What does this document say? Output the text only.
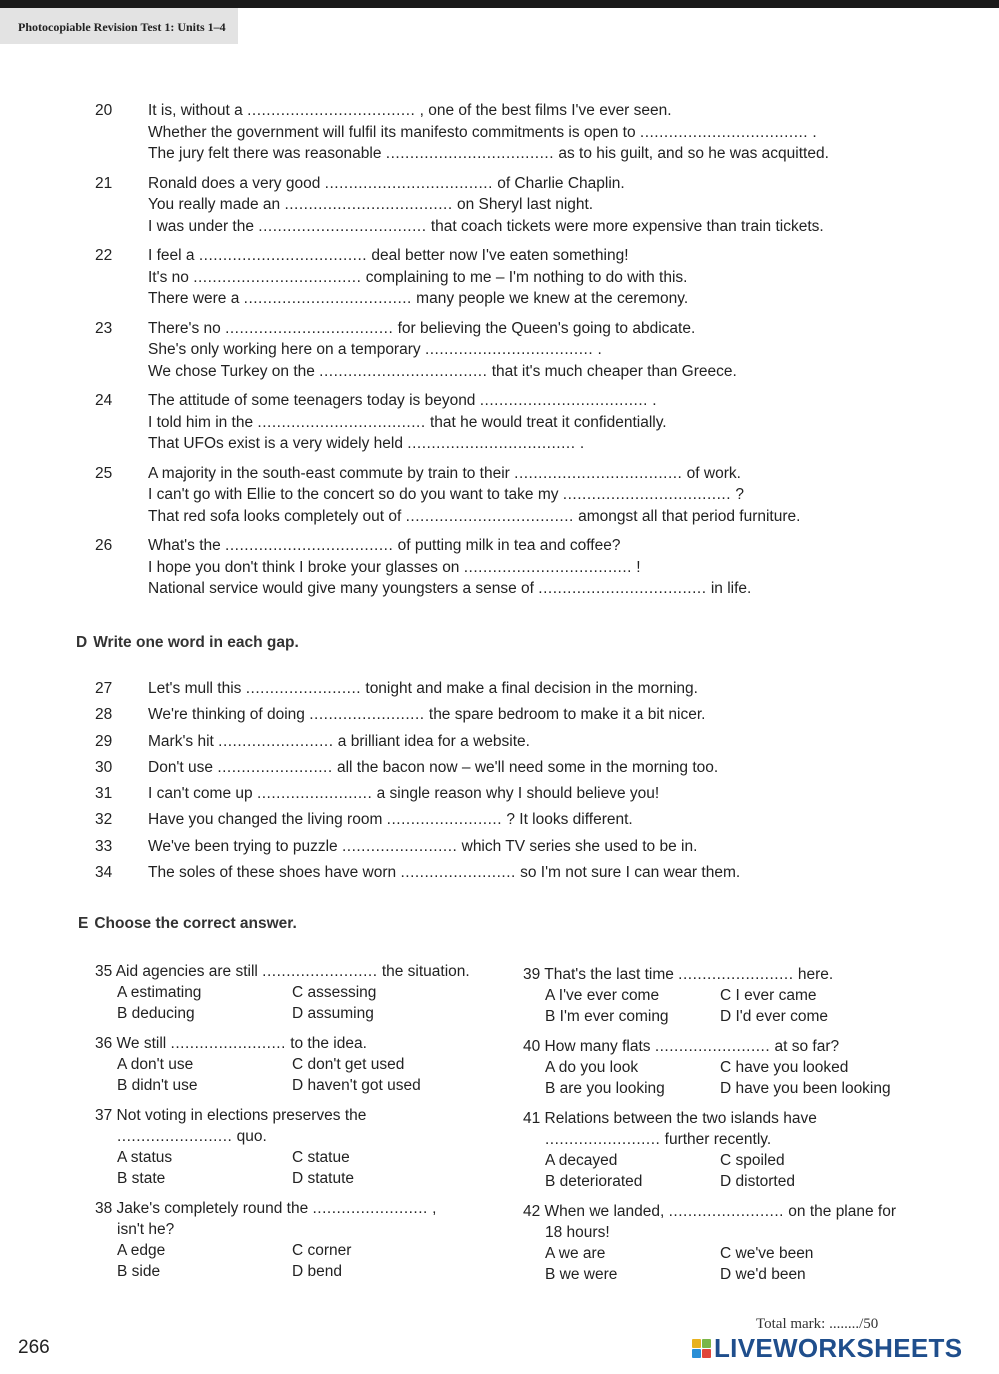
Photocopiable Revision Test 1: Units 1–4
20 It is, without a ................................... , one of the best films I've ever seen.
Whether the government will fulfil its manifesto commitments is open to ................................... .
The jury felt there was reasonable ................................... as to his guilt, and so he was acquitted.
21 Ronald does a very good ................................... of Charlie Chaplin.
You really made an ................................... on Sheryl last night.
I was under the ................................... that coach tickets were more expensive than train tickets.
22 I feel a ................................... deal better now I've eaten something!
It's no ................................... complaining to me – I'm nothing to do with this.
There were a ................................... many people we knew at the ceremony.
23 There's no ................................... for believing the Queen's going to abdicate.
She's only working here on a temporary ................................... .
We chose Turkey on the ................................... that it's much cheaper than Greece.
24 The attitude of some teenagers today is beyond ................................... .
I told him in the ................................... that he would treat it confidentially.
That UFOs exist is a very widely held ................................... .
25 A majority in the south-east commute by train to their ................................... of work.
I can't go with Ellie to the concert so do you want to take my ................................... ?
That red sofa looks completely out of ................................... amongst all that period furniture.
26 What's the ................................... of putting milk in tea and coffee?
I hope you don't think I broke your glasses on ................................... !
National service would give many youngsters a sense of ................................... in life.
D Write one word in each gap.
27 Let's mull this ........................ tonight and make a final decision in the morning.
28 We're thinking of doing ........................ the spare bedroom to make it a bit nicer.
29 Mark's hit ........................ a brilliant idea for a website.
30 Don't use ........................ all the bacon now – we'll need some in the morning too.
31 I can't come up ........................ a single reason why I should believe you!
32 Have you changed the living room ........................ ? It looks different.
33 We've been trying to puzzle ........................ which TV series she used to be in.
34 The soles of these shoes have worn ........................ so I'm not sure I can wear them.
E Choose the correct answer.
35 Aid agencies are still ........................ the situation.
A estimating	C assessing
B deducing	D assuming
36 We still ........................ to the idea.
A don't use	C don't get used
B didn't use	D haven't got used
37 Not voting in elections preserves the
........................ quo.
A status	C statue
B state	D statute
38 Jake's completely round the ........................ ,
isn't he?
A edge	C corner
B side	D bend
39 That's the last time ........................ here.
A I've ever come	C I ever came
B I'm ever coming	D I'd ever come
40 How many flats ........................ at so far?
A do you look	C have you looked
B are you looking	D have you been looking
41 Relations between the two islands have
........................ further recently.
A decayed	C spoiled
B deteriorated	D distorted
42 When we landed, ........................ on the plane for
18 hours!
A we are	C we've been
B we were	D we'd been
Total mark: ......../50
266	LIVEWORKSHEETS
